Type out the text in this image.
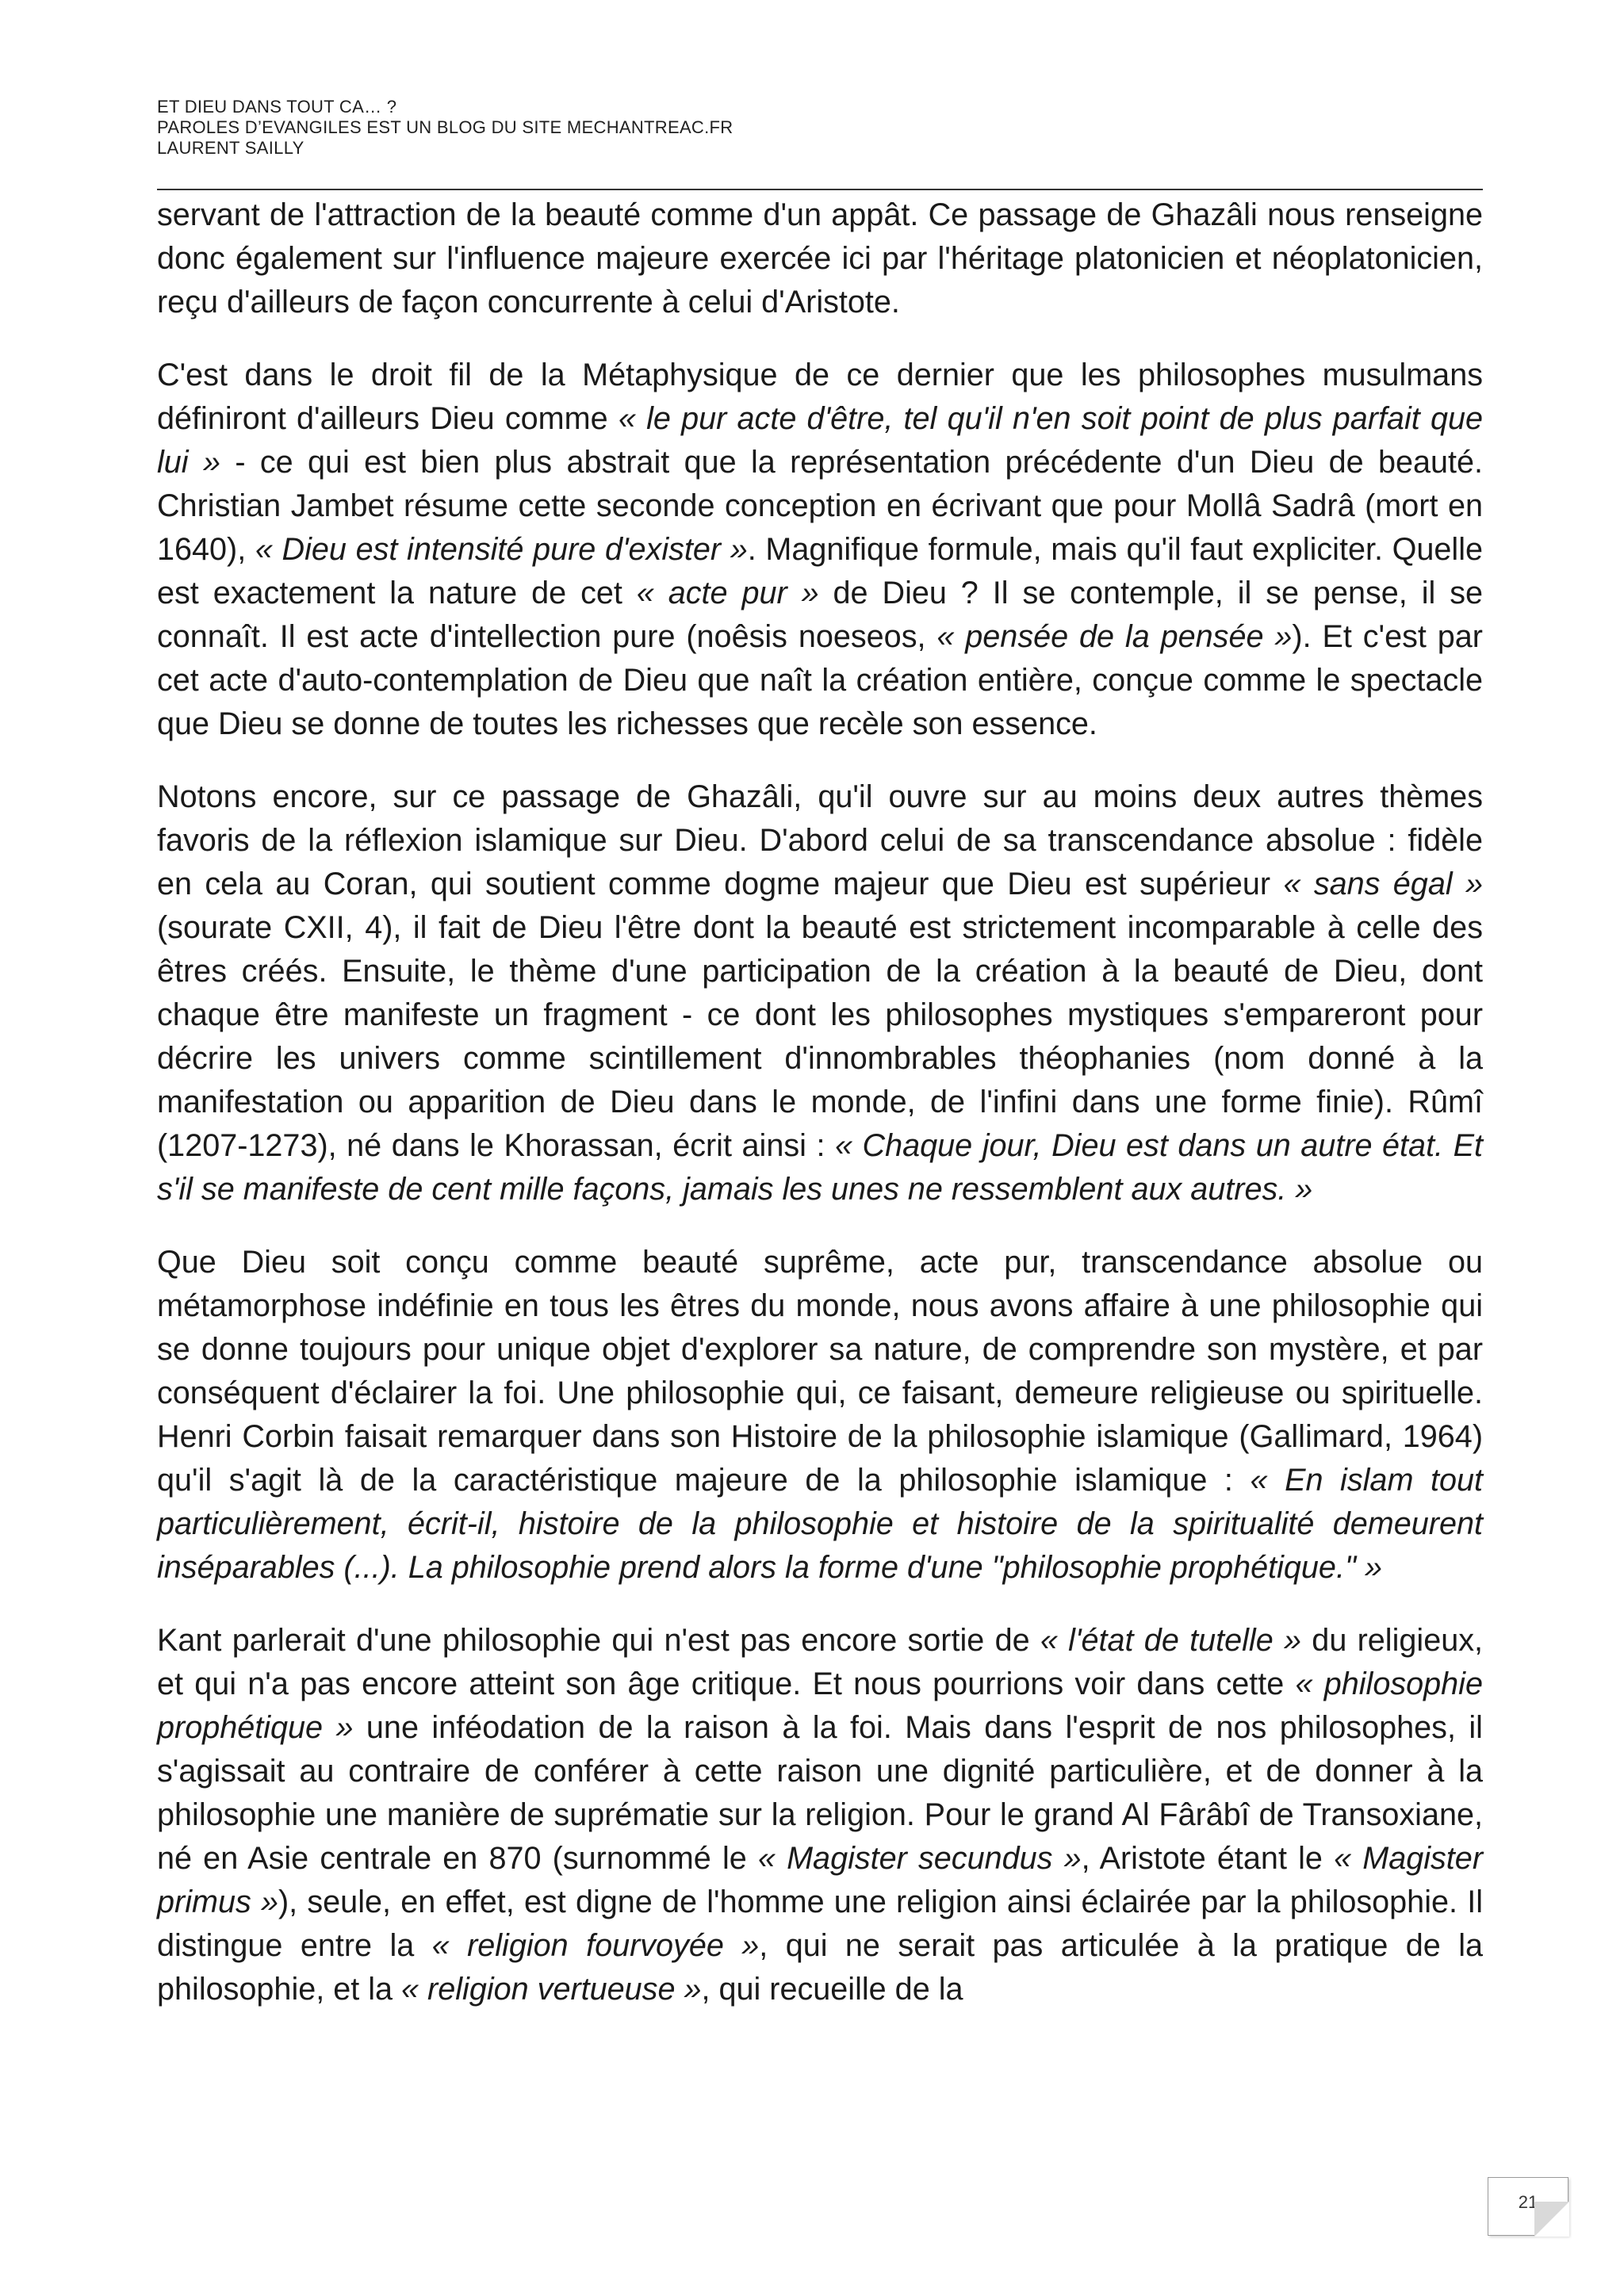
ET DIEU DANS TOUT CA… ?
PAROLES D’EVANGILES EST UN BLOG DU SITE MECHANTREAC.FR
LAURENT SAILLY

servant de l'attraction de la beauté comme d'un appât. Ce passage de Ghazâli nous renseigne donc également sur l'influence majeure exercée ici par l'héritage platonicien et néoplatonicien, reçu d'ailleurs de façon concurrente à celui d'Aristote.

C'est dans le droit fil de la Métaphysique de ce dernier que les philosophes musulmans définiront d'ailleurs Dieu comme « le pur acte d'être, tel qu'il n'en soit point de plus parfait que lui » - ce qui est bien plus abstrait que la représentation précédente d'un Dieu de beauté. Christian Jambet résume cette seconde conception en écrivant que pour Mollâ Sadrâ (mort en 1640), « Dieu est intensité pure d'exister ». Magnifique formule, mais qu'il faut expliciter. Quelle est exactement la nature de cet « acte pur » de Dieu ? Il se contemple, il se pense, il se connaît. Il est acte d'intellection pure (noêsis noeseos, « pensée de la pensée »). Et c'est par cet acte d'auto-contemplation de Dieu que naît la création entière, conçue comme le spectacle que Dieu se donne de toutes les richesses que recèle son essence.

Notons encore, sur ce passage de Ghazâli, qu'il ouvre sur au moins deux autres thèmes favoris de la réflexion islamique sur Dieu. D'abord celui de sa transcendance absolue : fidèle en cela au Coran, qui soutient comme dogme majeur que Dieu est supérieur « sans égal » (sourate CXII, 4), il fait de Dieu l'être dont la beauté est strictement incomparable à celle des êtres créés. Ensuite, le thème d'une participation de la création à la beauté de Dieu, dont chaque être manifeste un fragment - ce dont les philosophes mystiques s'empareront pour décrire les univers comme scintillement d'innombrables théophanies (nom donné à la manifestation ou apparition de Dieu dans le monde, de l'infini dans une forme finie). Rûmî (1207-1273), né dans le Khorassan, écrit ainsi : « Chaque jour, Dieu est dans un autre état. Et s'il se manifeste de cent mille façons, jamais les unes ne ressemblent aux autres. »

Que Dieu soit conçu comme beauté suprême, acte pur, transcendance absolue ou métamorphose indéfinie en tous les êtres du monde, nous avons affaire à une philosophie qui se donne toujours pour unique objet d'explorer sa nature, de comprendre son mystère, et par conséquent d'éclairer la foi. Une philosophie qui, ce faisant, demeure religieuse ou spirituelle. Henri Corbin faisait remarquer dans son Histoire de la philosophie islamique (Gallimard, 1964) qu'il s'agit là de la caractéristique majeure de la philosophie islamique : « En islam tout particulièrement, écrit-il, histoire de la philosophie et histoire de la spiritualité demeurent inséparables (...). La philosophie prend alors la forme d'une "philosophie prophétique." »

Kant parlerait d'une philosophie qui n'est pas encore sortie de « l'état de tutelle » du religieux, et qui n'a pas encore atteint son âge critique. Et nous pourrions voir dans cette « philosophie prophétique » une inféodation de la raison à la foi. Mais dans l'esprit de nos philosophes, il s'agissait au contraire de conférer à cette raison une dignité particulière, et de donner à la philosophie une manière de suprématie sur la religion. Pour le grand Al Fârâbî de Transoxiane, né en Asie centrale en 870 (surnommé le « Magister secundus », Aristote étant le « Magister primus »), seule, en effet, est digne de l'homme une religion ainsi éclairée par la philosophie. Il distingue entre la « religion fourvoyée », qui ne serait pas articulée à la pratique de la philosophie, et la « religion vertueuse », qui recueille de la

21
